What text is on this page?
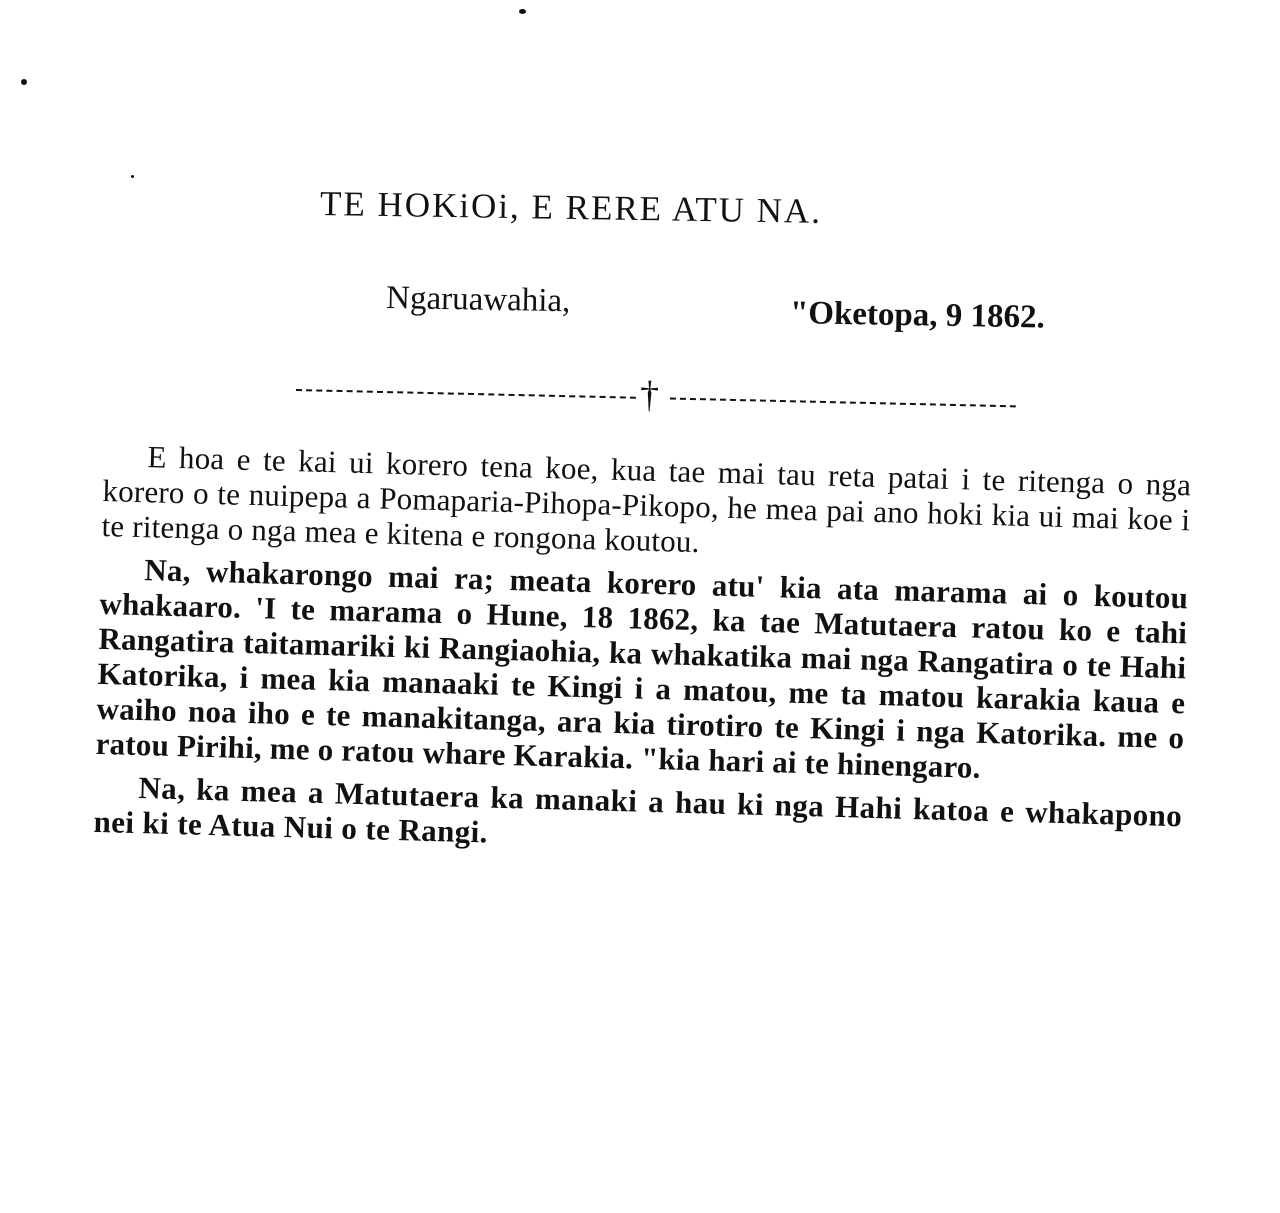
TE HOKiOi, E RERE ATU NA.
Ngaruawahia,	"Oketopa, 9 1862.
†

E hoa e te kai ui korero tena koe, kua tae mai tau reta patai i te ritenga o nga korero o te nuipepa a Pomaparia-Pihopa-Pikopo, he mea pai ano hoki kia ui mai koe i te ritenga o nga mea e kitena e rongona koutou.

Na, whakarongo mai ra; meata korero atu' kia ata marama ai o koutou whakaaro. 'I te marama o Hune, 18 1862, ka tae Matutaera ratou ko e tahi Rangatira taitamariki ki Rangiaohia, ka whakatika mai nga Rangatira o te Hahi Katorika, i mea kia manaaki te Kingi i a matou, me ta matou karakia kaua e waiho noa iho e te manakitanga, ara kia tirotiro te Kingi i nga Katorika. me o ratou Pirihi, me o ratou whare Karakia. "kia hari ai te hinengaro.

Na, ka mea a Matutaera ka manaki a hau ki nga Hahi katoa e whakapono nei ki te Atua Nui o te Rangi.
